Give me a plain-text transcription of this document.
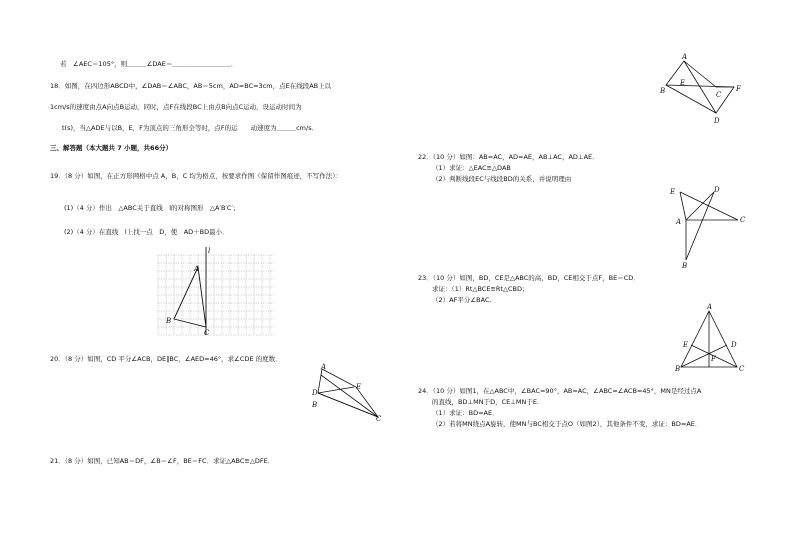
若　∠AEC＝105°，则＿＿＿∠DAE＝＿＿＿＿＿＿＿＿＿．
18．如图，在四边形ABCD中，∠DAB＝∠ABC，AB＝5cm，AD=BC=3cm，点E在线段AB上以
1cm/s的速度由点A向点B运动，同时，点F在线段BC上由点B向点C运动，设运动时间为
t(s)，当△ADE与以B，E，F为顶点的三角形全等时，点F的运　　动速度为＿＿＿cm/s．
三、解答题（本大题共 7 小题，共66分）
19．（8 分）如图，在正方形网格中点 A，B，C 均为格点，按要求作图（保留作图痕迹，不写作法）：
(1)（4 分）作出　△ABC关于直线　l的对称图形　△A′B′C′；
(2)（4 分）在直线　l上找一点　D，使　AD＋BD最小．
l
A
B
C
20．（8 分）如图，CD 平分∠ACB，DE∥BC，∠AED=46°，求∠CDE 的度数．
A
D
E
B
C
21．（8 分）如图，已知AB＝DF，∠B＝∠F，BE＝FC．求证△ABC≌△DFE．
A
B
E
C
F
D
22．（10 分）如图：AB=AC，AD=AE，AB⊥AC，AD⊥AE．
（1）求证：△EAC≌△DAB
（2）判断线段EC与线段BD的关系，并说明理由
E	D
A	C
B
23．（10 分）如图，BD，CE是△ABC的高，BD，CE相交于点F，BE＝CD．
求证：（1）Rt△BCE≌Rt△CBD；
（2）AF平分∠BAC．
A
E	D
F
B	C
24．（10 分）如图1，在△ABC中，∠BAC=90°，AB=AC，∠ABC=∠ACB=45°，MN是经过点A
的直线，BD⊥MN于D，CE⊥MN于E．
（1）求证：BD=AE．
（2）若将MN绕点A旋转，使MN与BC相交于点O（如图2），其他条件不变，求证：BD=AE．
